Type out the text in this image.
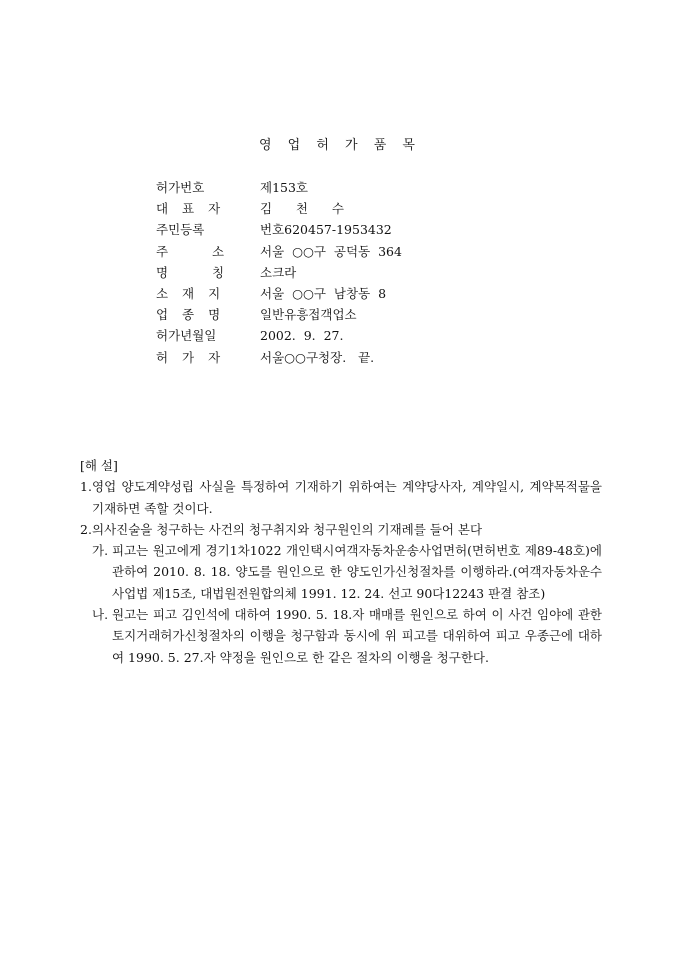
영 업 허 가 품 목
허가번호	제153호
대 표 자	김      천      수
주민등록	번호620457-1953432
주 소	서울  ○○구  공덕동  364
명 칭	소크라
소 재 지	서울  ○○구  남창동  8
업 종 명	일반유흥접객업소
허가년월일	2002.  9.  27.
허 가 자	서울○○구청장.   끝.
[해 설]
1. 영업 양도계약성립 사실을 특정하여 기재하기 위하여는 계약당사자, 계약일시, 계약목적물을 기재하면 족할 것이다.
2. 의사진술을 청구하는 사건의 청구취지와 청구원인의 기재례를 들어 본다
가. 피고는 원고에게 경기1차1022 개인택시여객자동차운송사업면허(면허번호 제89-48호)에 관하여 2010. 8. 18. 양도를 원인으로 한 양도인가신청절차를 이행하라.(여객자동차운수사업법 제15조, 대법원전원합의체 1991. 12. 24. 선고 90다12243 판결 참조)
나. 원고는 피고 김인석에 대하여 1990. 5. 18.자 매매를 원인으로 하여 이 사건 임야에 관한 토지거래허가신청절차의 이행을 청구함과 동시에 위 피고를 대위하여 피고 우종근에 대하여 1990. 5. 27.자 약정을 원인으로 한 같은 절차의 이행을 청구한다.
